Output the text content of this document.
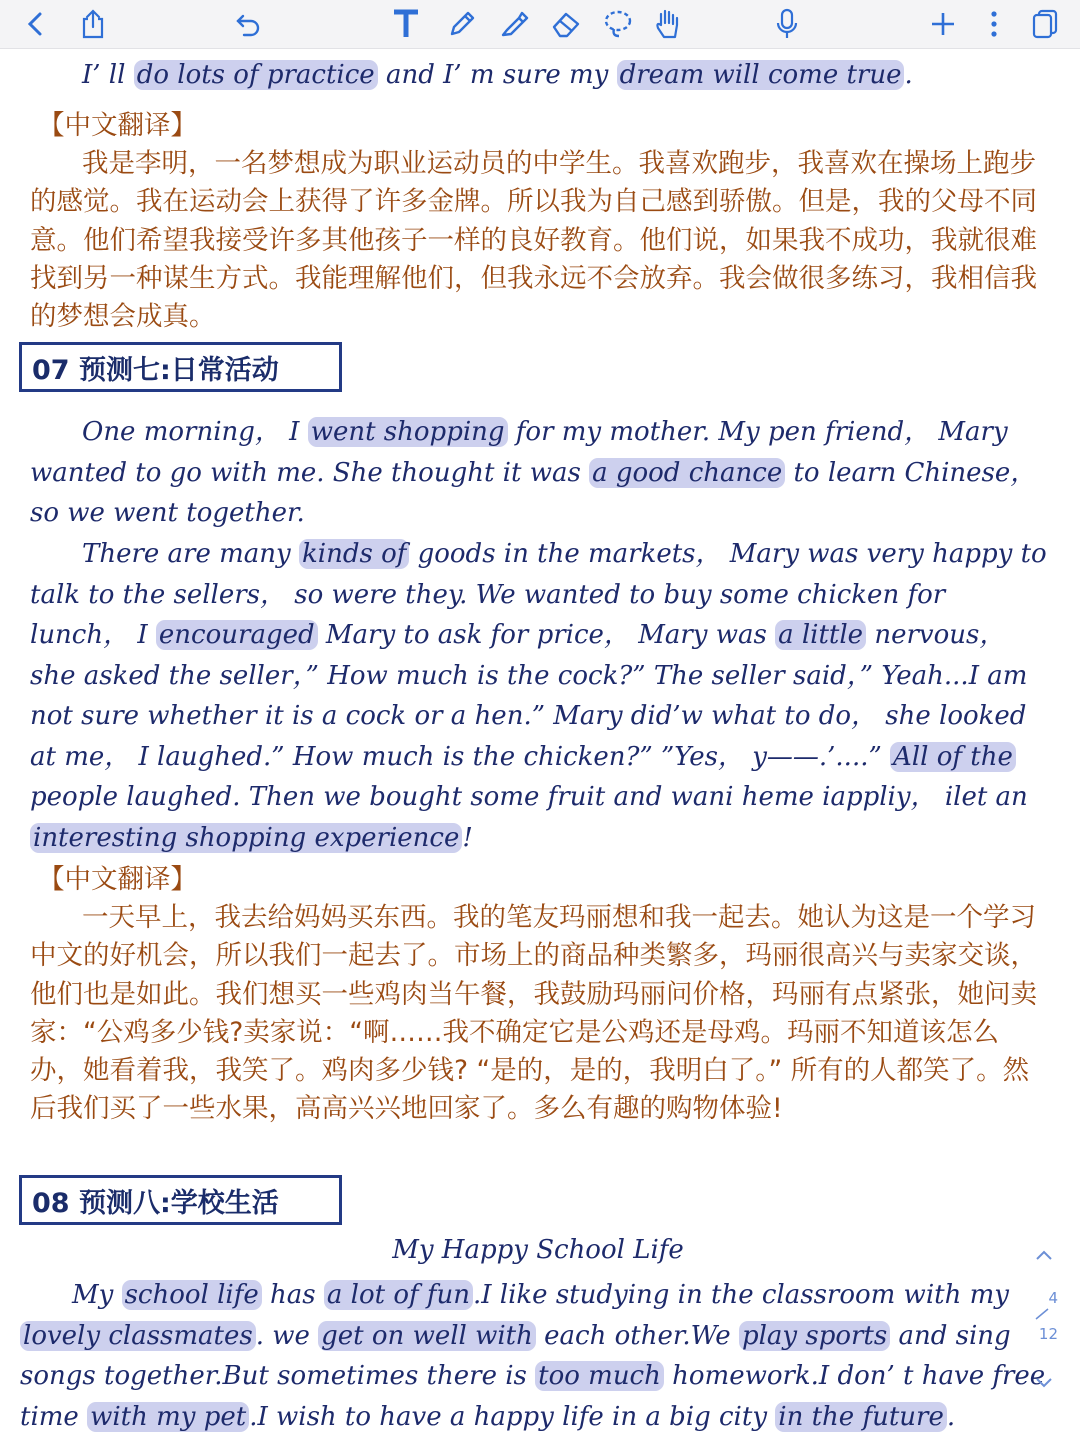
I’ ll do lots of practice and I’ m sure my dream will come true .
【中文翻译】
我是李明，一名梦想成为职业运动员的中学生。我喜欢跑步，我喜欢在操场上跑步的感觉。我在运动会上获得了许多金牌。所以我为自己感到骄傲。但是，我的父母不同意。他们希望我接受许多其他孩子一样的良好教育。他们说，如果我不成功，我就很难找到另一种谋生方式。我能理解他们，但我永远不会放弃。我会做很多练习，我相信我的梦想会成真。
07 预测七:日常活动
One morning， I went shopping for my mother. My pen friend， Mary wanted to go with me. She thought it was a good chance to learn Chinese， so we went together.
There are many kinds of goods in the markets， Mary was very happy to talk to the sellers， so were they. We wanted to buy some chicken for lunch， I encouraged Mary to ask for price， Mary was a little nervous， she asked the seller，” How much is the cock?” The seller said，” Yeah...I am not sure whether it is a cock or a hen.” Mary did’w what to do， she looked at me， I laughed.” How much is the chicken?” ”Yes， y——.’....” All of the people laughed. Then we bought some fruit and wani heme iapplіy， ilet an interesting shopping experience !
【中文翻译】
一天早上，我去给妈妈买东西。我的笔友玛丽想和我一起去。她认为这是一个学习中文的好机会，所以我们一起去了。市场上的商品种类繁多，玛丽很高兴与卖家交谈，他们也是如此。我们想买一些鸡肉当午餐，我鼓励玛丽问价格，玛丽有点紧张，她问卖家：“公鸡多少钱?卖家说：“啊……我不确定它是公鸡还是母鸡。玛丽不知道该怎么办，她看着我，我笑了。鸡肉多少钱? “是的，是的，我明白了。” 所有的人都笑了。然后我们买了一些水果，高高兴兴地回家了。多么有趣的购物体验!
08 预测八:学校生活
My Happy School Life
My school life has a lot of fun .I like studying in the classroom with my lovely classmates . we get on well with each other.We play sports and sing songs together.But sometimes there is too much homework.I don’ t have free time with my pet .I wish to have a happy life in a big city in the future .
4
12
